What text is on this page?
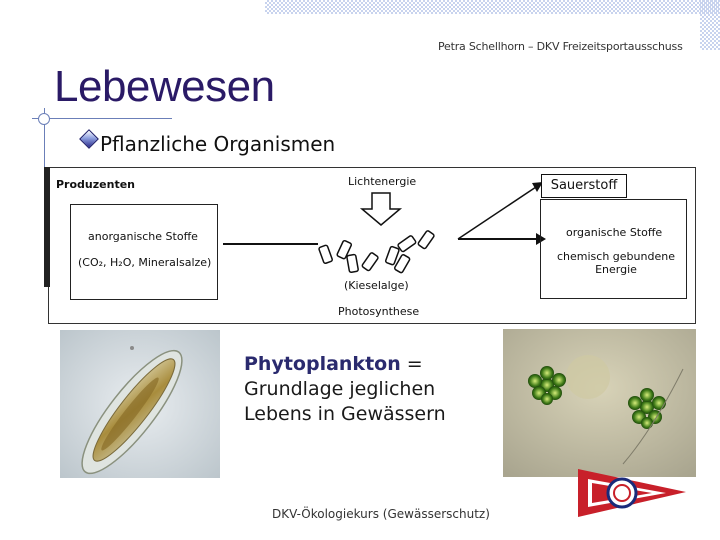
Petra Schellhorn – DKV Freizeitsportausschuss
Lebewesen
Pflanzliche Organismen
Produzenten	Lichtenergie
anorganische Stoffe
(CO₂, H₂O, Mineralsalze)
organische Stoffe
chemisch gebundene Energie
Sauerstoff
(Kieselalge)
Photosynthese
Phytoplankton =
Grundlage jeglichen
Lebens in Gewässern
DKV-Ökologiekurs (Gewässerschutz)
